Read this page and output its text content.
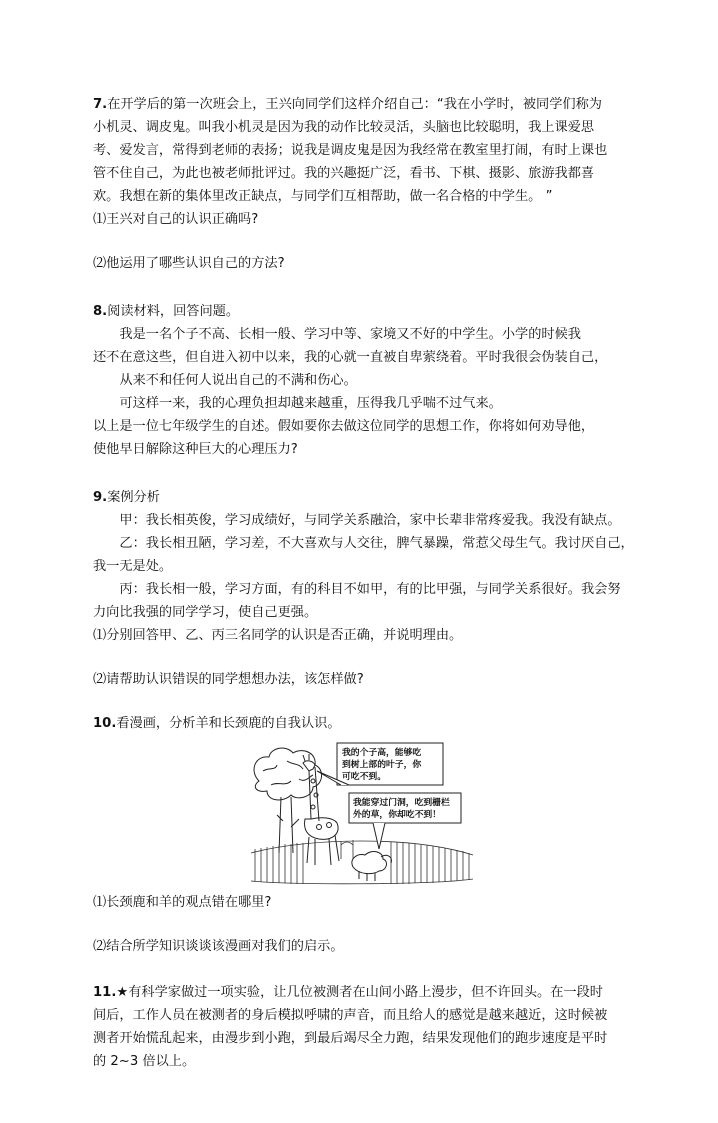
7.在开学后的第一次班会上，王兴向同学们这样介绍自己：“我在小学时，被同学们称为

小机灵、调皮鬼。叫我小机灵是因为我的动作比较灵活，头脑也比较聪明，我上课爱思

考、爱发言，常得到老师的表扬；说我是调皮鬼是因为我经常在教室里打闹，有时上课也

管不住自己，为此也被老师批评过。我的兴趣挺广泛，看书、下棋、摄影、旅游我都喜

欢。我想在新的集体里改正缺点，与同学们互相帮助，做一名合格的中学生。 ”

⑴王兴对自己的认识正确吗?

⑵他运用了哪些认识自己的方法?

8.阅读材料，回答问题。

我是一名个子不高、长相一般、学习中等、家境又不好的中学生。小学的时候我

还不在意这些，但自进入初中以来，我的心就一直被自卑萦绕着。平时我很会伪装自己，

从来不和任何人说出自己的不满和伤心。

可这样一来，我的心理负担却越来越重，压得我几乎喘不过气来。

以上是一位七年级学生的自述。假如要你去做这位同学的思想工作，你将如何劝导他，

使他早日解除这种巨大的心理压力?

9.案例分析

甲：我长相英俊，学习成绩好，与同学关系融洽，家中长辈非常疼爱我。我没有缺点。

乙：我长相丑陋，学习差，不大喜欢与人交往，脾气暴躁，常惹父母生气。我讨厌自己，

我一无是处。

丙：我长相一般，学习方面，有的科目不如甲，有的比甲强，与同学关系很好。我会努

力向比我强的同学学习，使自己更强。

⑴分别回答甲、乙、丙三名同学的认识是否正确，并说明理由。

⑵请帮助认识错误的同学想想办法，该怎样做?

10.看漫画，分析羊和长颈鹿的自我认识。

我的个子高，能够吃
到树上部的叶子，你
可吃不到。
我能穿过门洞，吃到栅栏
外的草，你却吃不到！

⑴长颈鹿和羊的观点错在哪里?

⑵结合所学知识谈谈该漫画对我们的启示。

11.★有科学家做过一项实验，让几位被测者在山间小路上漫步，但不许回头。在一段时

间后，工作人员在被测者的身后模拟呼啸的声音，而且给人的感觉是越来越近，这时候被

测者开始慌乱起来，由漫步到小跑，到最后竭尽全力跑，结果发现他们的跑步速度是平时

的 2~3 倍以上。
